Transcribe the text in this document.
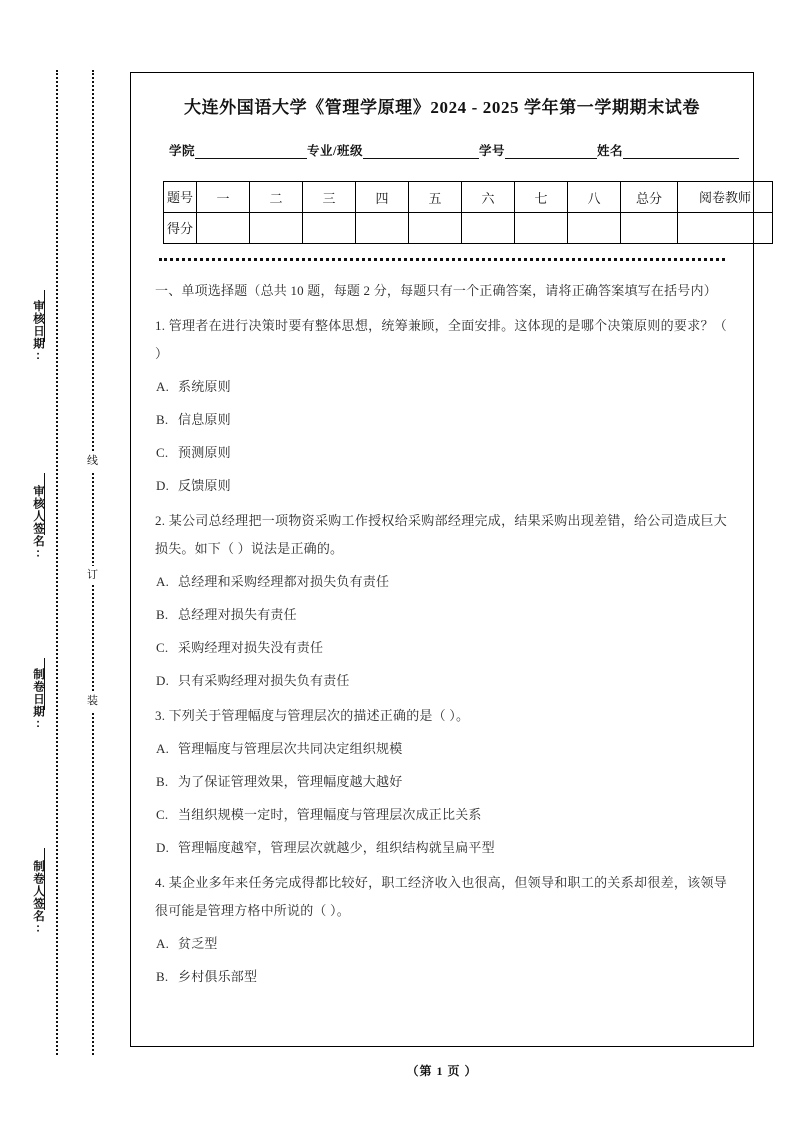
线
订
装
审核日期:
审核人签名:
制卷日期:
制卷人签名:
大连外国语大学《管理学原理》2024 - 2025 学年第一学期期末试卷
学院	专业/班级	学号	姓名
题号	一	二	三	四	五	六	七	八	总分	阅卷教师
得分										
一、单项选择题（总共 10 题，每题 2 分，每题只有一个正确答案，请将正确答案填写在括号内）
1. 管理者在进行决策时要有整体思想，统筹兼顾，全面安排。这体现的是哪个决策原则的要求？（ ）
A. 系统原则
B. 信息原则
C. 预测原则
D. 反馈原则
2. 某公司总经理把一项物资采购工作授权给采购部经理完成，结果采购出现差错，给公司造成巨大损失。如下（ ）说法是正确的。
A. 总经理和采购经理都对损失负有责任
B. 总经理对损失有责任
C. 采购经理对损失没有责任
D. 只有采购经理对损失负有责任
3. 下列关于管理幅度与管理层次的描述正确的是（ ）。
A. 管理幅度与管理层次共同决定组织规模
B. 为了保证管理效果，管理幅度越大越好
C. 当组织规模一定时，管理幅度与管理层次成正比关系
D. 管理幅度越窄，管理层次就越少，组织结构就呈扁平型
4. 某企业多年来任务完成得都比较好，职工经济收入也很高，但领导和职工的关系却很差，该领导很可能是管理方格中所说的（ ）。
A. 贫乏型
B. 乡村俱乐部型
（第 1 页 ）
